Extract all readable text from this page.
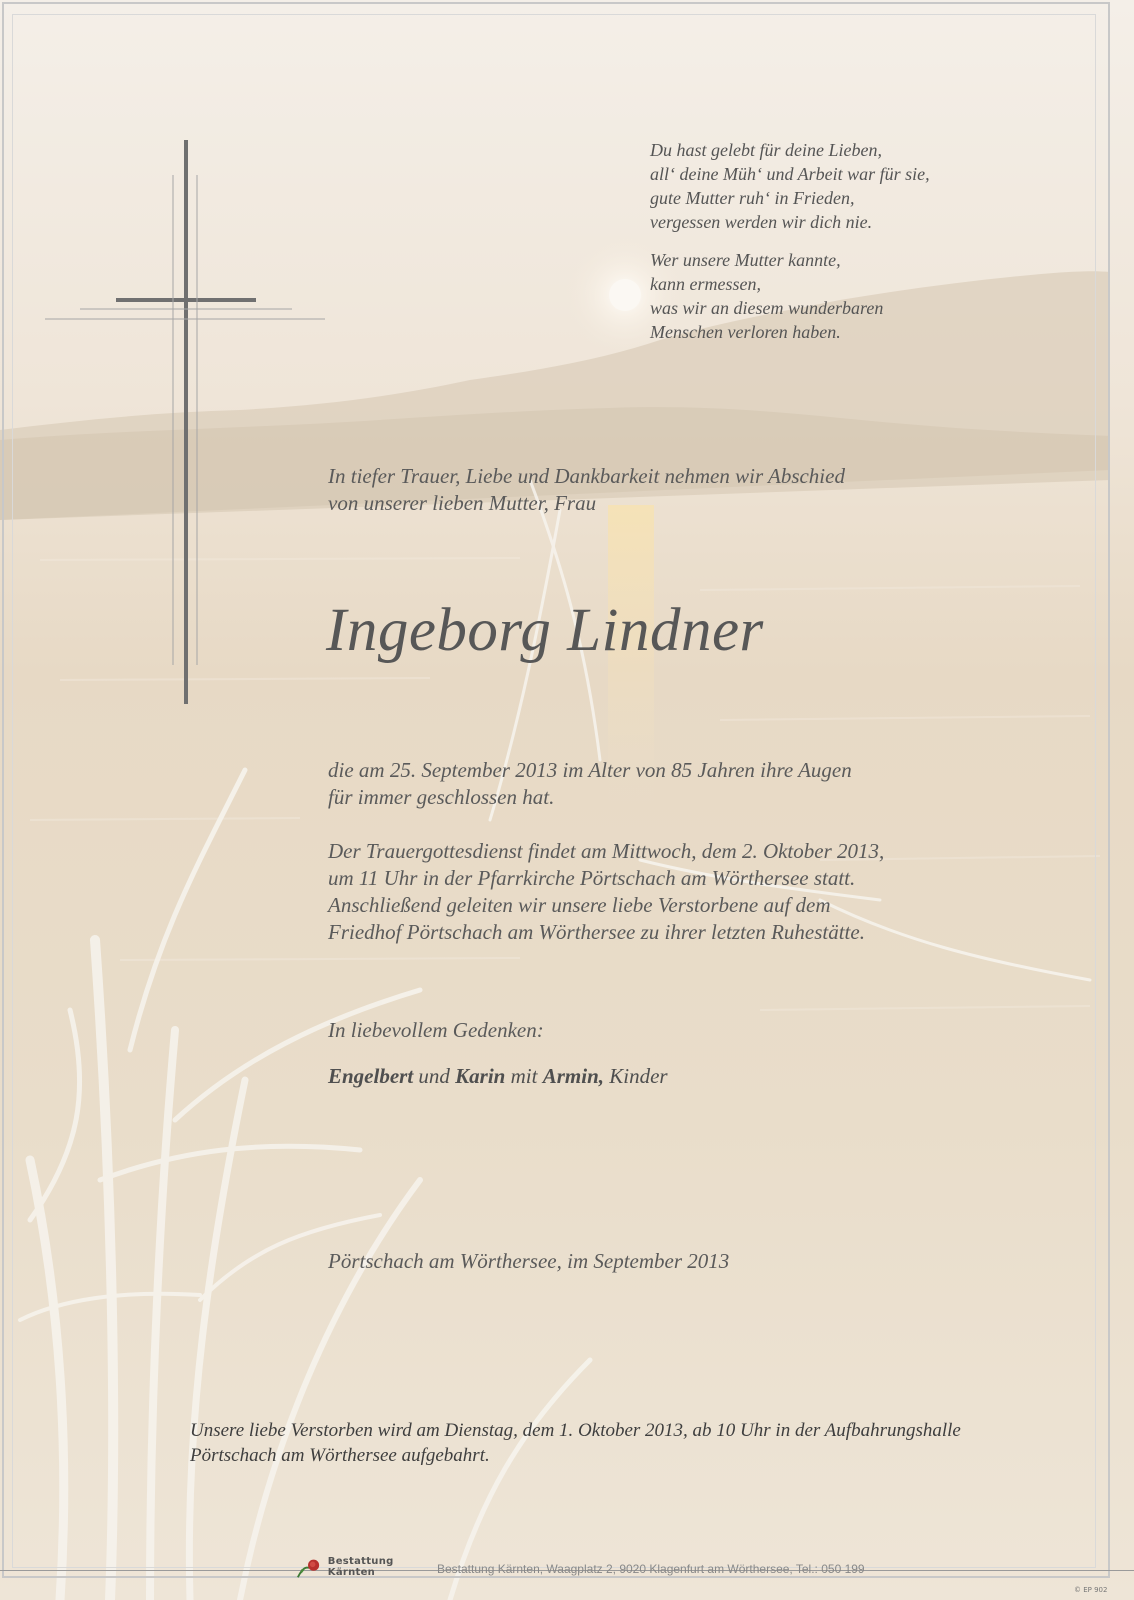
Du hast gelebt für deine Lieben,
all‘ deine Müh‘ und Arbeit war für sie,
gute Mutter ruh‘ in Frieden,
vergessen werden wir dich nie.
Wer unsere Mutter kannte,
kann ermessen,
was wir an diesem wunderbaren
Menschen verloren haben.
In tiefer Trauer, Liebe und Dankbarkeit nehmen wir Abschied
von unserer lieben Mutter, Frau
Ingeborg Lindner
die am 25. September 2013 im Alter von 85 Jahren ihre Augen
für immer geschlossen hat.
Der Trauergottesdienst findet am Mittwoch, dem 2. Oktober 2013,
um 11 Uhr in der Pfarrkirche Pörtschach am Wörthersee statt.
Anschließend geleiten wir unsere liebe Verstorbene auf dem
Friedhof Pörtschach am Wörthersee zu ihrer letzten Ruhestätte.
In liebevollem Gedenken:
Engelbert und Karin mit Armin, Kinder
Pörtschach am Wörthersee, im September 2013
Unsere liebe Verstorben wird am Dienstag, dem 1. Oktober 2013, ab 10 Uhr in der Aufbahrungshalle
Pörtschach am Wörthersee aufgebahrt.
Bestattung Kärnten	Bestattung Kärnten, Waagplatz 2, 9020 Klagenfurt am Wörthersee, Tel.: 050 199
© EP 902
